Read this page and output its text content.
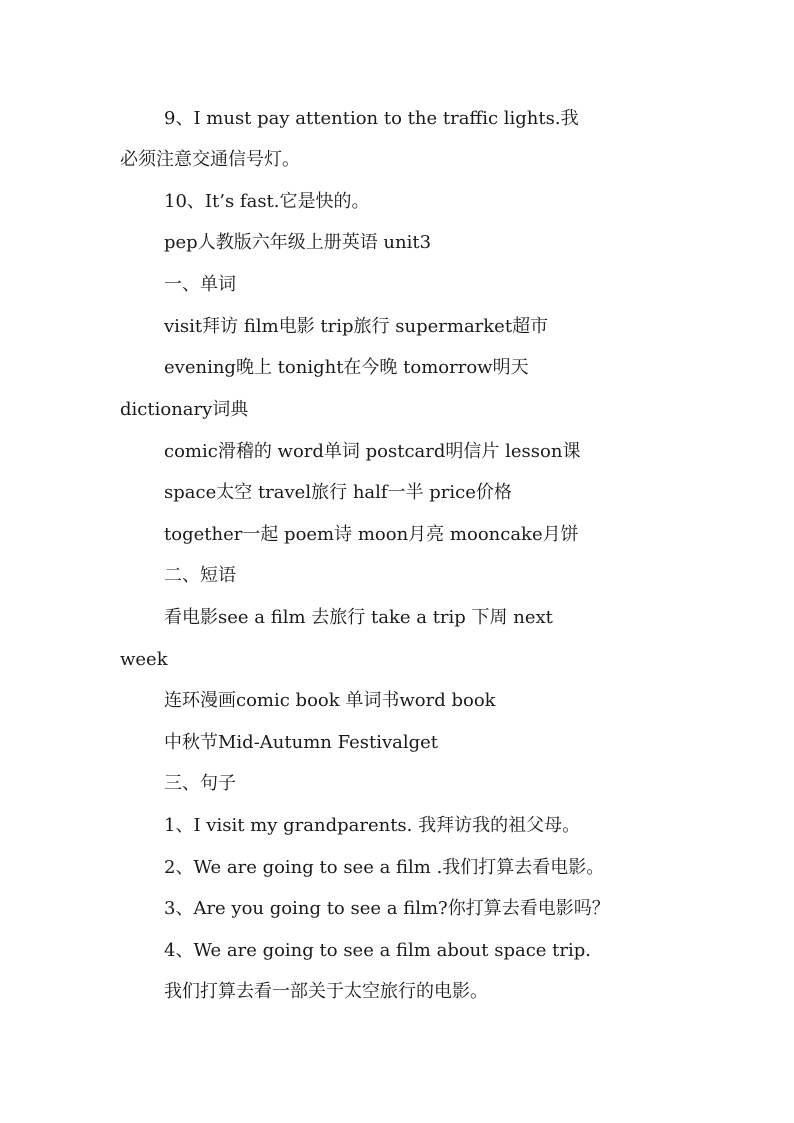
9、I must pay attention to the traffic lights.我
必须注意交通信号灯。
10、It’s fast.它是快的。
pep人教版六年级上册英语 unit3
一、单词
visit拜访 film电影 trip旅行 supermarket超市
evening晚上 tonight在今晚 tomorrow明天
dictionary词典
comic滑稽的 word单词 postcard明信片 lesson课
space太空 travel旅行 half一半 price价格
together一起 poem诗 moon月亮 mooncake月饼
二、短语
看电影see a film 去旅行 take a trip 下周 next
week
连环漫画comic book 单词书word book
中秋节Mid-Autumn Festivalget
三、句子
1、I visit my grandparents. 我拜访我的祖父母。
2、We are going to see a film .我们打算去看电影。
3、Are you going to see a film?你打算去看电影吗？
4、We are going to see a film about space trip.
我们打算去看一部关于太空旅行的电影。
